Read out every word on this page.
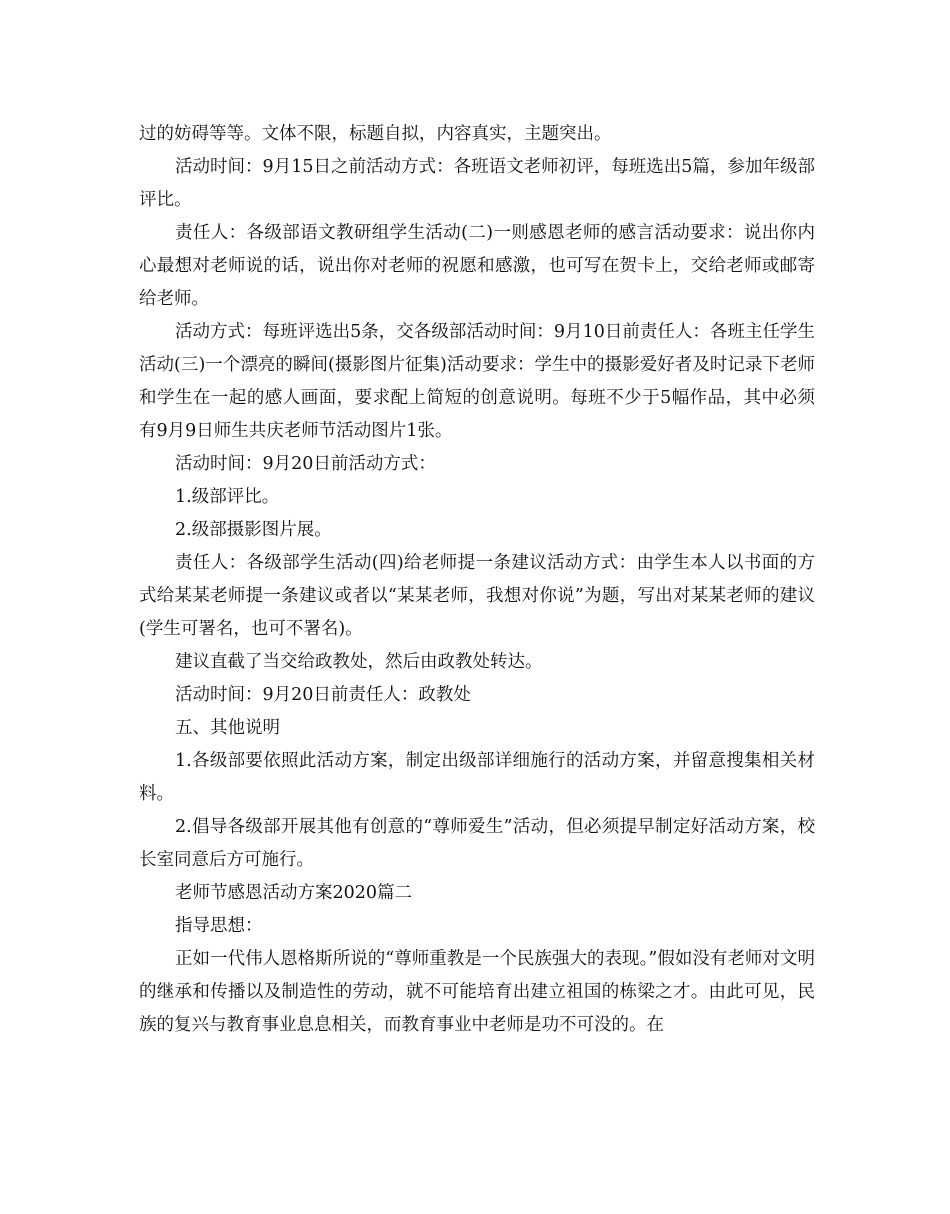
过的妨碍等等。文体不限，标题自拟，内容真实，主题突出。

活动时间：9月15日之前活动方式：各班语文老师初评，每班选出5篇，参加年级部评比。

责任人：各级部语文教研组学生活动(二)一则感恩老师的感言活动要求：说出你内心最想对老师说的话，说出你对老师的祝愿和感激，也可写在贺卡上，交给老师或邮寄给老师。

活动方式：每班评选出5条，交各级部活动时间：9月10日前责任人：各班主任学生活动(三)一个漂亮的瞬间(摄影图片征集)活动要求：学生中的摄影爱好者及时记录下老师和学生在一起的感人画面，要求配上简短的创意说明。每班不少于5幅作品，其中必须有9月9日师生共庆老师节活动图片1张。

活动时间：9月20日前活动方式：

1.级部评比。

2.级部摄影图片展。

责任人：各级部学生活动(四)给老师提一条建议活动方式：由学生本人以书面的方式给某某老师提一条建议或者以“某某老师，我想对你说”为题，写出对某某老师的建议(学生可署名，也可不署名)。

建议直截了当交给政教处，然后由政教处转达。

活动时间：9月20日前责任人：政教处

五、其他说明

1.各级部要依照此活动方案，制定出级部详细施行的活动方案，并留意搜集相关材料。

2.倡导各级部开展其他有创意的“尊师爱生”活动，但必须提早制定好活动方案，校长室同意后方可施行。

老师节感恩活动方案2020篇二

指导思想：

正如一代伟人恩格斯所说的“尊师重教是一个民族强大的表现。”假如没有老师对文明的继承和传播以及制造性的劳动，就不可能培育出建立祖国的栋梁之才。由此可见，民族的复兴与教育事业息息相关，而教育事业中老师是功不可没的。在
